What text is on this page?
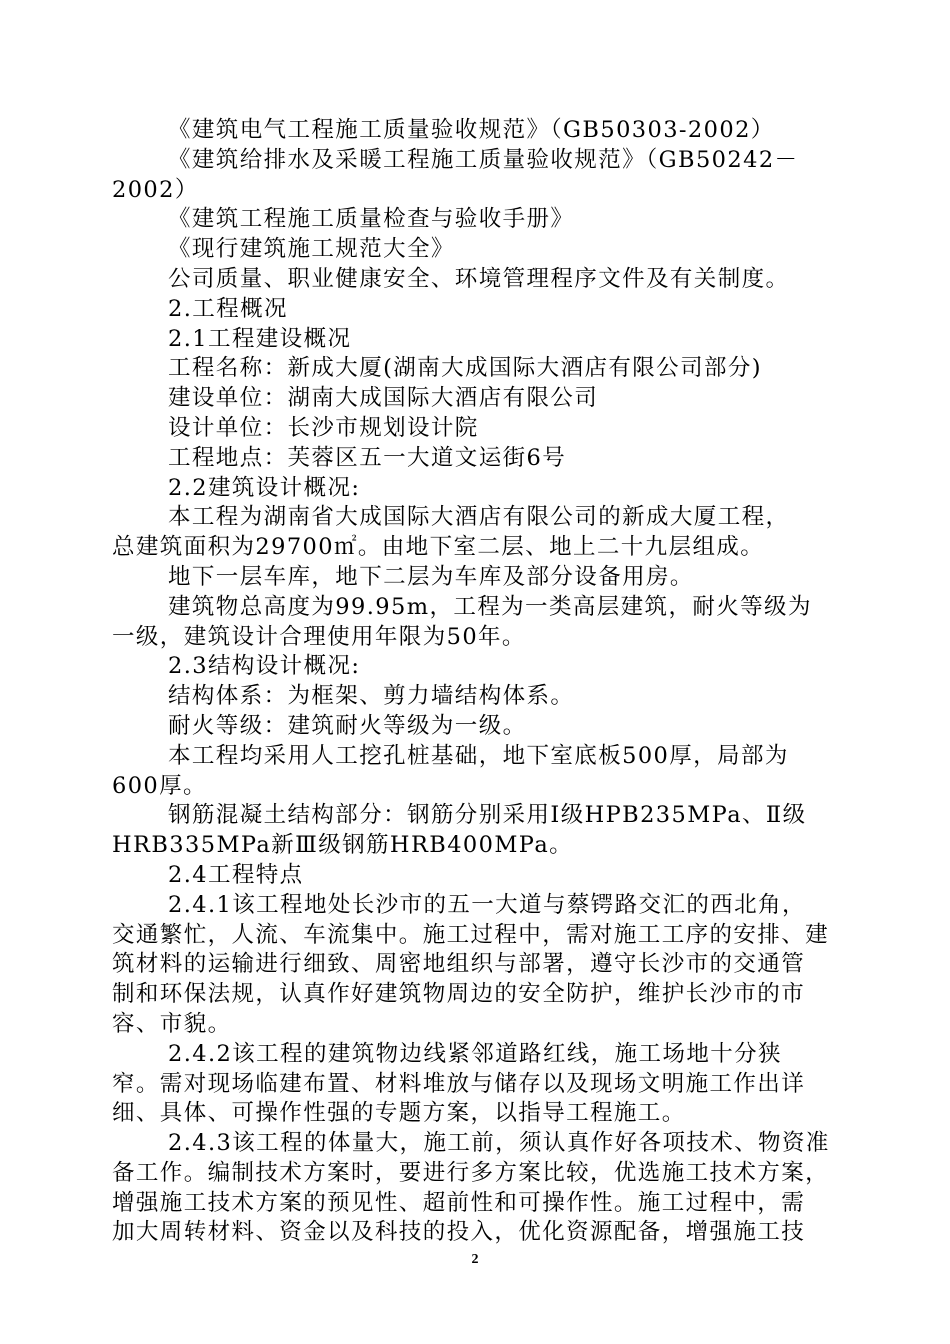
《建筑电气工程施工质量验收规范》（GB50303-2002）
《建筑给排水及采暖工程施工质量验收规范》（GB50242－
2002）
《建筑工程施工质量检查与验收手册》
《现行建筑施工规范大全》
公司质量、职业健康安全、环境管理程序文件及有关制度。
2.工程概况
2.1工程建设概况
工程名称：新成大厦(湖南大成国际大酒店有限公司部分)
建设单位：湖南大成国际大酒店有限公司
设计单位：长沙市规划设计院
工程地点：芙蓉区五一大道文运街6号
2.2建筑设计概况:
本工程为湖南省大成国际大酒店有限公司的新成大厦工程，
总建筑面积为29700㎡。由地下室二层、地上二十九层组成。
地下一层车库，地下二层为车库及部分设备用房。
建筑物总高度为99.95m，工程为一类高层建筑，耐火等级为
一级，建筑设计合理使用年限为50年。
2.3结构设计概况:
结构体系：为框架、剪力墙结构体系。
耐火等级：建筑耐火等级为一级。
本工程均采用人工挖孔桩基础，地下室底板500厚，局部为
600厚。
钢筋混凝土结构部分：钢筋分别采用Ⅰ级HPB235MPa、Ⅱ级
HRB335MPa新Ⅲ级钢筋HRB400MPa。
2.4工程特点
2.4.1该工程地处长沙市的五一大道与蔡锷路交汇的西北角，
交通繁忙，人流、车流集中。施工过程中，需对施工工序的安排、建
筑材料的运输进行细致、周密地组织与部署，遵守长沙市的交通管
制和环保法规，认真作好建筑物周边的安全防护，维护长沙市的市
容、市貌。
2.4.2该工程的建筑物边线紧邻道路红线，施工场地十分狭
窄。需对现场临建布置、材料堆放与储存以及现场文明施工作出详
细、具体、可操作性强的专题方案，以指导工程施工。
2.4.3该工程的体量大，施工前，须认真作好各项技术、物资准
备工作。编制技术方案时，要进行多方案比较，优选施工技术方案，
增强施工技术方案的预见性、超前性和可操作性。施工过程中，需
加大周转材料、资金以及科技的投入，优化资源配备，增强施工技
2
